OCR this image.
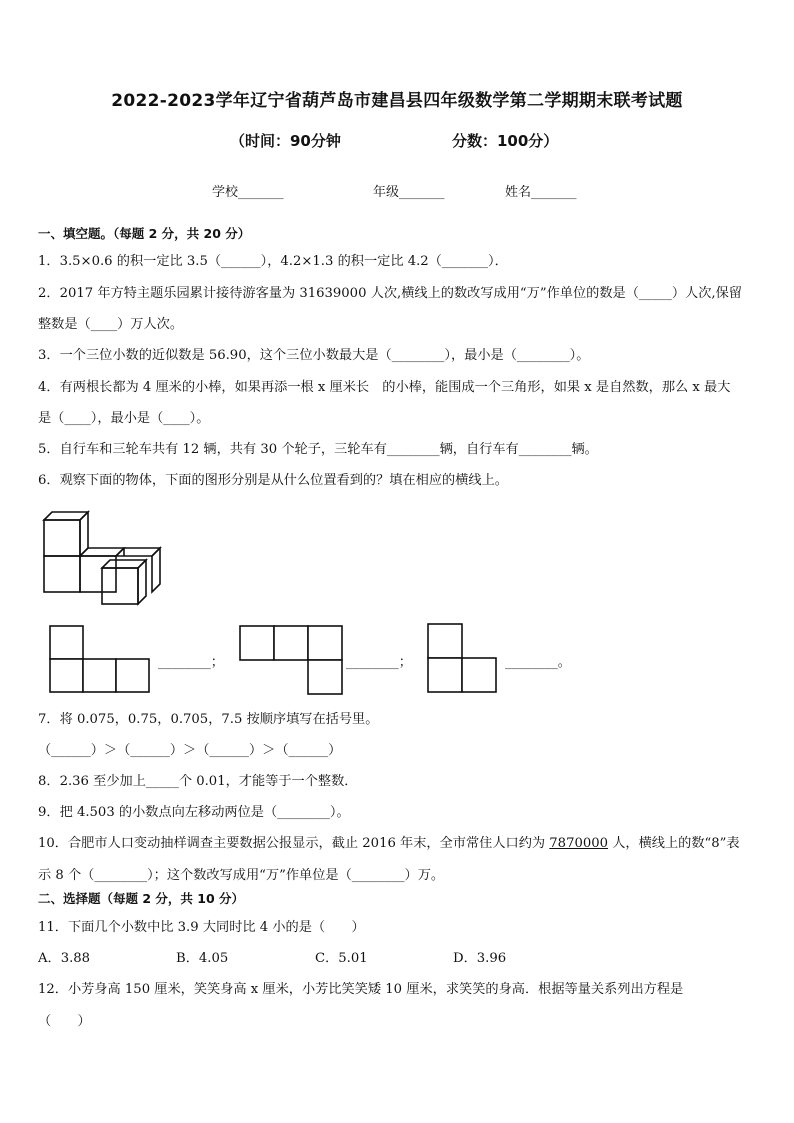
2022-2023学年辽宁省葫芦岛市建昌县四年级数学第二学期期末联考试题
（时间：90分钟	分数：100分）
学校_______	年级_______	姓名_______
一、填空题。（每题 2 分，共 20 分）
1．3.5×0.6 的积一定比 3.5（______），4.2×1.3 的积一定比 4.2（_______）．
2．2017 年方特主题乐园累计接待游客量为 31639000 人次,横线上的数改写成用“万”作单位的数是（_____）人次,保留
整数是（____）万人次。
3．一个三位小数的近似数是 56.90，这个三位小数最大是（________），最小是（________）。
4．有两根长都为 4 厘米的小棒，如果再添一根 x 厘米长　的小棒，能围成一个三角形，如果 x 是自然数，那么 x 最大
是（____），最小是（____）。
5．自行车和三轮车共有 12 辆，共有 30 个轮子，三轮车有________辆，自行车有________辆。
6．观察下面的物体，下面的图形分别是从什么位置看到的？填在相应的横线上。
________；	________；	________。
7．将 0.075，0.75，0.705，7.5 按顺序填写在括号里。
（______）＞（______）＞（______）＞（______）
8．2.36 至少加上_____个 0.01，才能等于一个整数．
9．把 4.503 的小数点向左移动两位是（________）。
10．合肥市人口变动抽样调查主要数据公报显示，截止 2016 年末，全市常住人口约为 7870000 人，横线上的数“8”表
示 8 个（________）；这个数改写成用“万”作单位是（________）万。
二、选择题（每题 2 分，共 10 分）
11．下面几个小数中比 3.9 大同时比 4 小的是（　　）
A．3.88	B．4.05	C．5.01	D．3.96
12．小芳身高 150 厘米，笑笑身高 x 厘米，小芳比笑笑矮 10 厘米，求笑笑的身高．根据等量关系列出方程是
（　　）
